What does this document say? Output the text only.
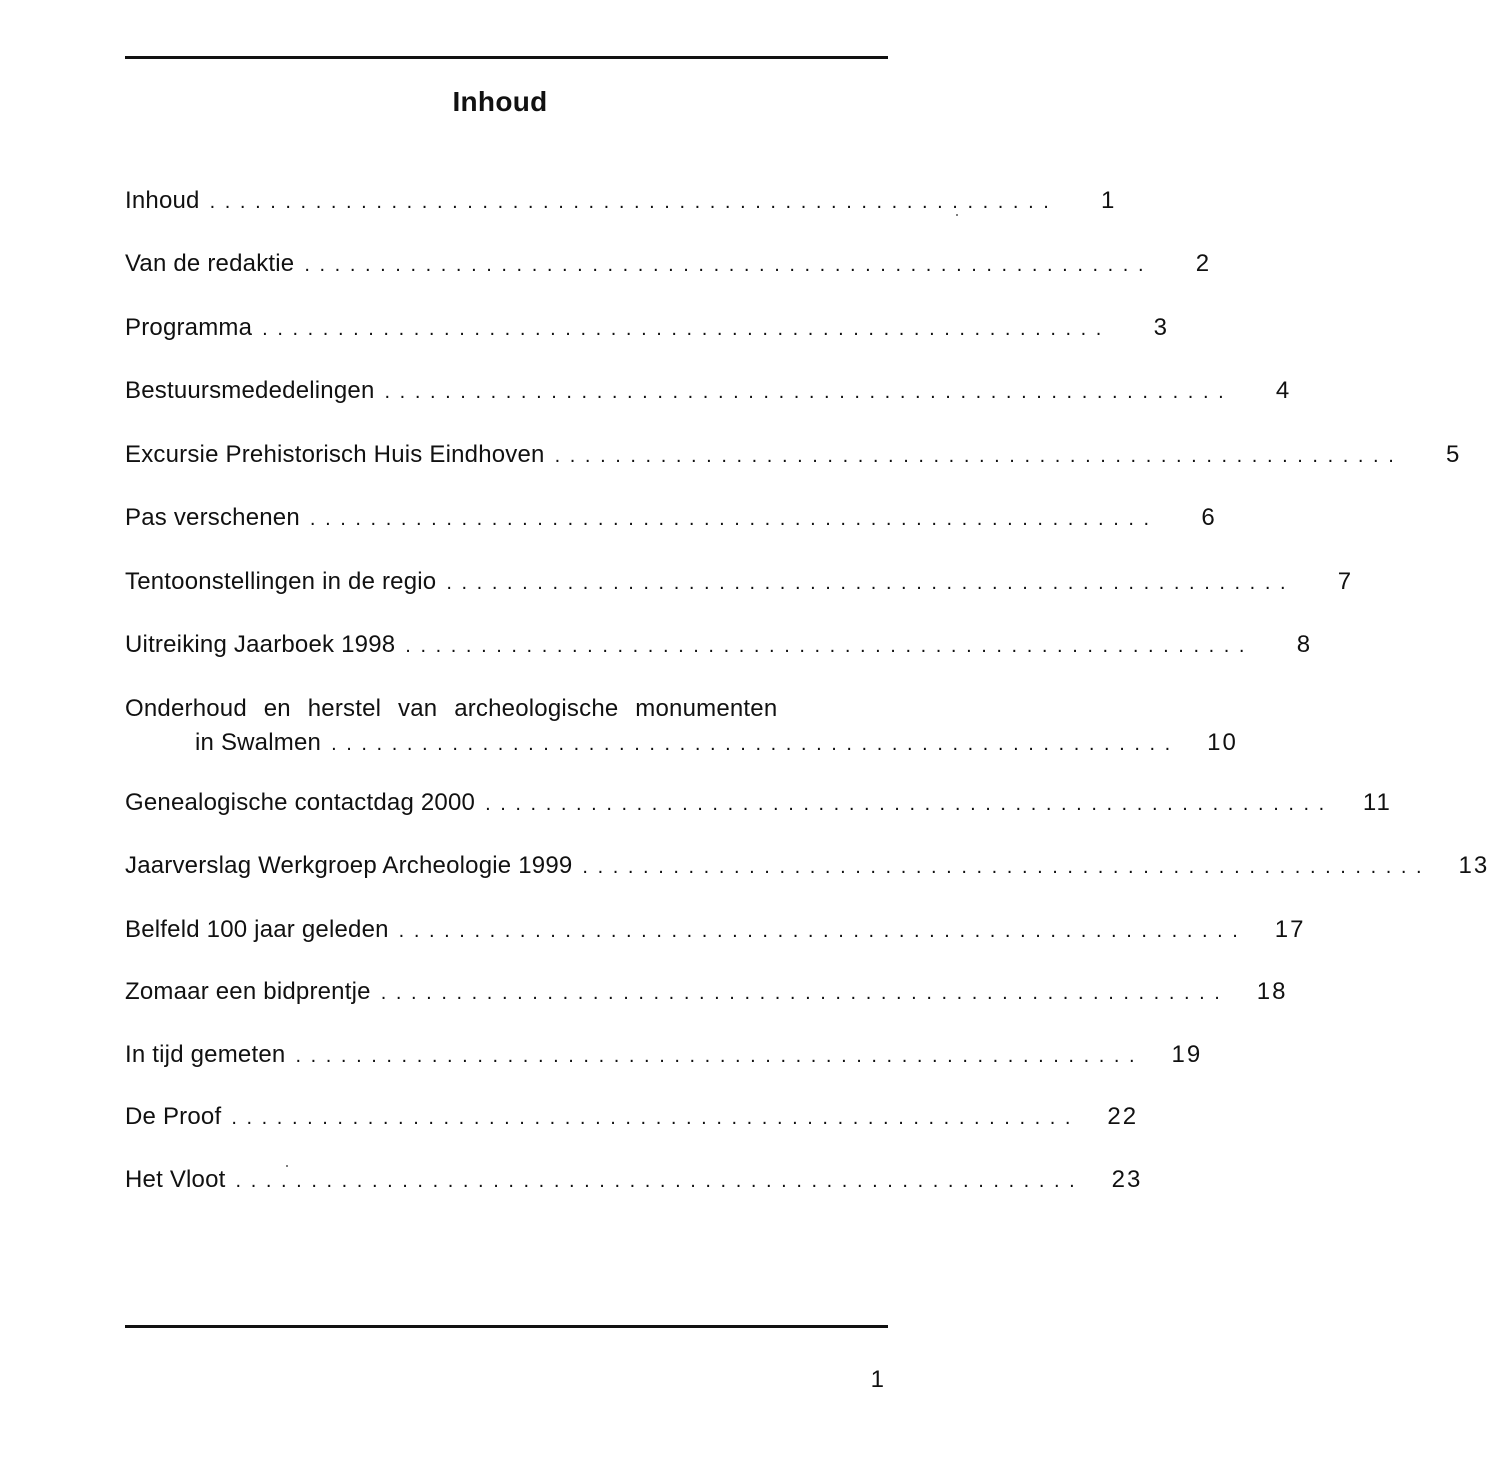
Inhoud
Inhoud ........................................................	1
Van de redaktie ........................................................	2
Programma ........................................................	3
Bestuursmededelingen ........................................................	4
Excursie Prehistorisch Huis Eindhoven ........................................................	5
Pas verschenen ........................................................	6
Tentoonstellingen in de regio ........................................................	7
Uitreiking Jaarboek 1998 ........................................................	8
Onderhoud en herstel van archeologische monumenten
in Swalmen ........................................................	10
Genealogische contactdag 2000 ........................................................	11
Jaarverslag Werkgroep Archeologie 1999 ........................................................	13
Belfeld 100 jaar geleden ........................................................	17
Zomaar een bidprentje ........................................................	18
In tijd gemeten ........................................................	19
De Proof ........................................................	22
Het Vloot ........................................................	23
1
